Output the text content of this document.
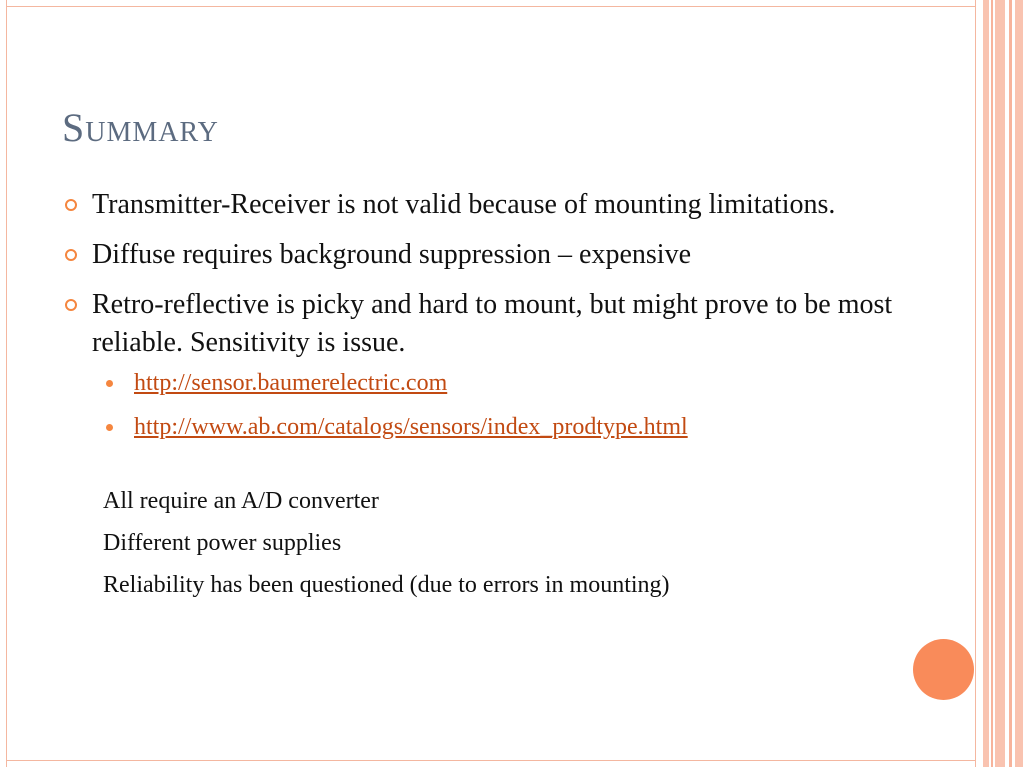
Summary
Transmitter-Receiver is not valid because of mounting limitations.
Diffuse requires background suppression – expensive
Retro-reflective is picky and hard to mount, but might prove to be most reliable. Sensitivity is issue.
http://sensor.baumerelectric.com
http://www.ab.com/catalogs/sensors/index_prodtype.html
All require an A/D converter
Different power supplies
Reliability has been questioned (due to errors in mounting)
